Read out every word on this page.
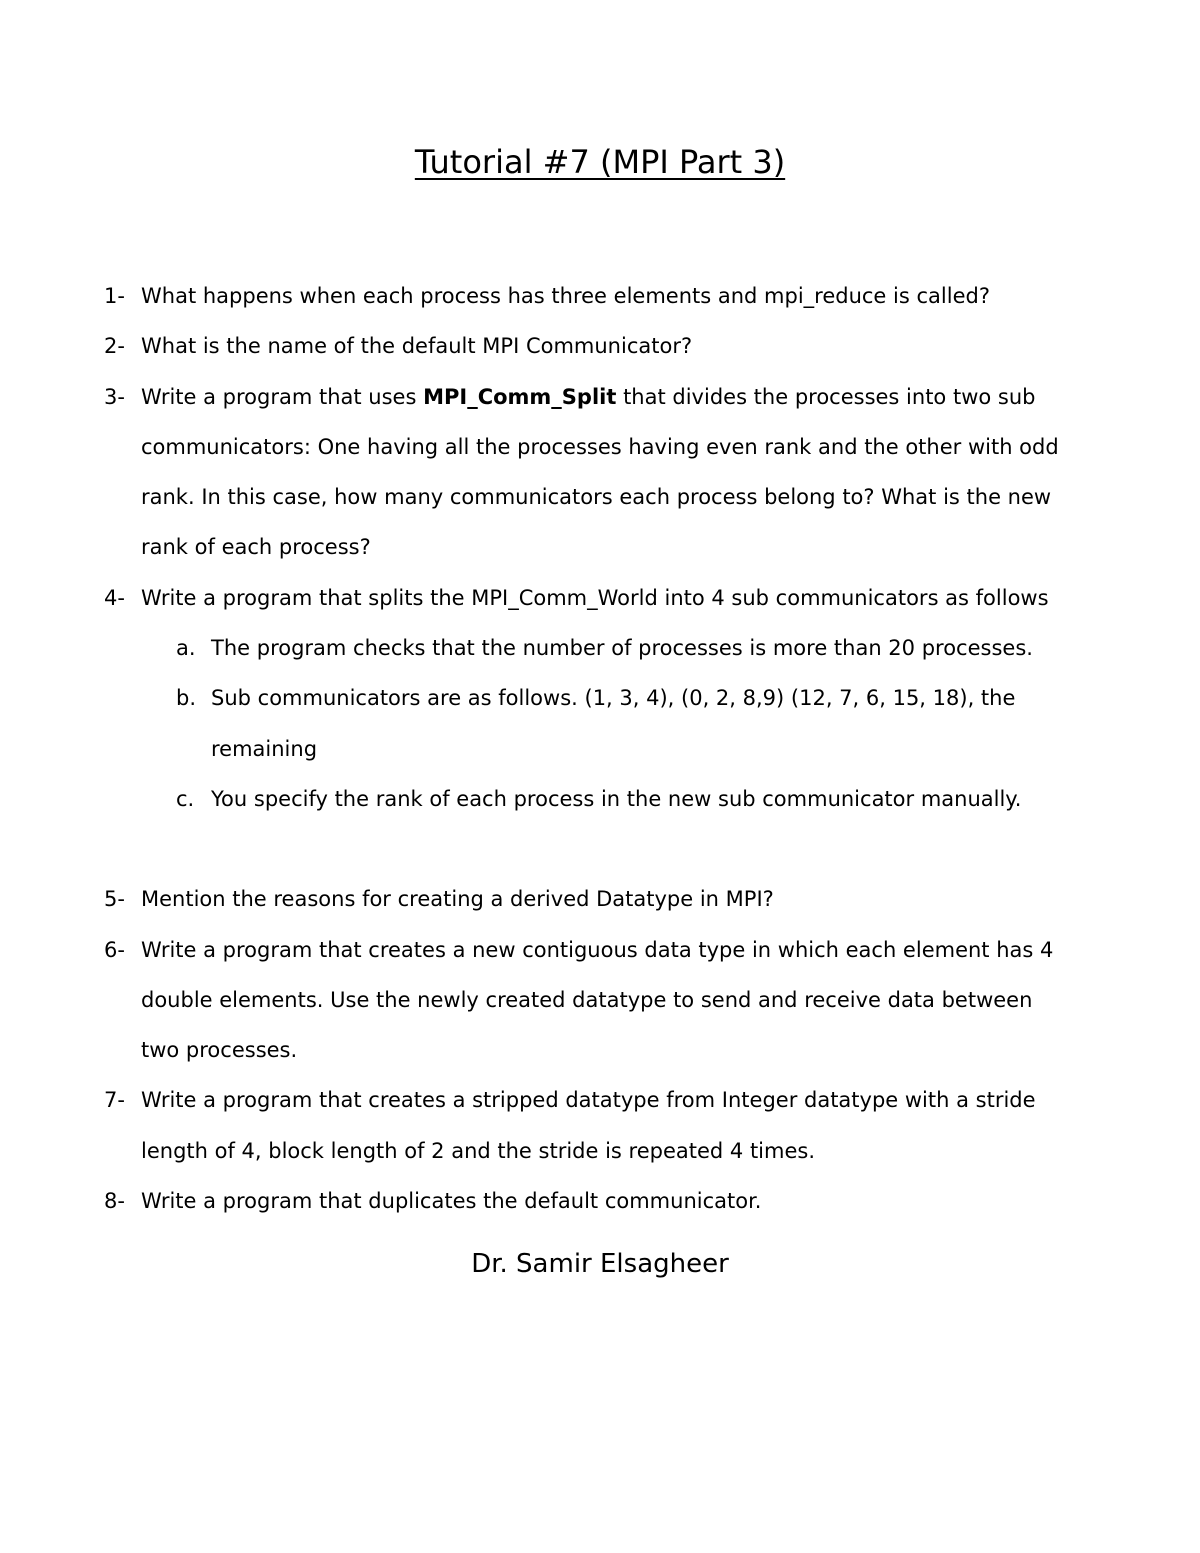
Tutorial #7 (MPI Part 3)
1- What happens when each process has three elements and mpi_reduce is called?
2- What is the name of the default MPI Communicator?
3- Write a program that uses MPI_Comm_Split that divides the processes into two sub
communicators: One having all the processes having even rank and the other with odd
rank. In this case, how many communicators each process belong to? What is the new
rank of each process?
4- Write a program that splits the MPI_Comm_World into 4 sub communicators as follows
a. The program checks that the number of processes is more than 20 processes.
b. Sub communicators are as follows. (1, 3, 4), (0, 2, 8,9) (12, 7, 6, 15, 18), the
remaining
c. You specify the rank of each process in the new sub communicator manually.
5- Mention the reasons for creating a derived Datatype in MPI?
6- Write a program that creates a new contiguous data type in which each element has 4
double elements. Use the newly created datatype to send and receive data between
two processes.
7- Write a program that creates a stripped datatype from Integer datatype with a stride
length of 4, block length of 2 and the stride is repeated 4 times.
8- Write a program that duplicates the default communicator.
Dr. Samir Elsagheer
